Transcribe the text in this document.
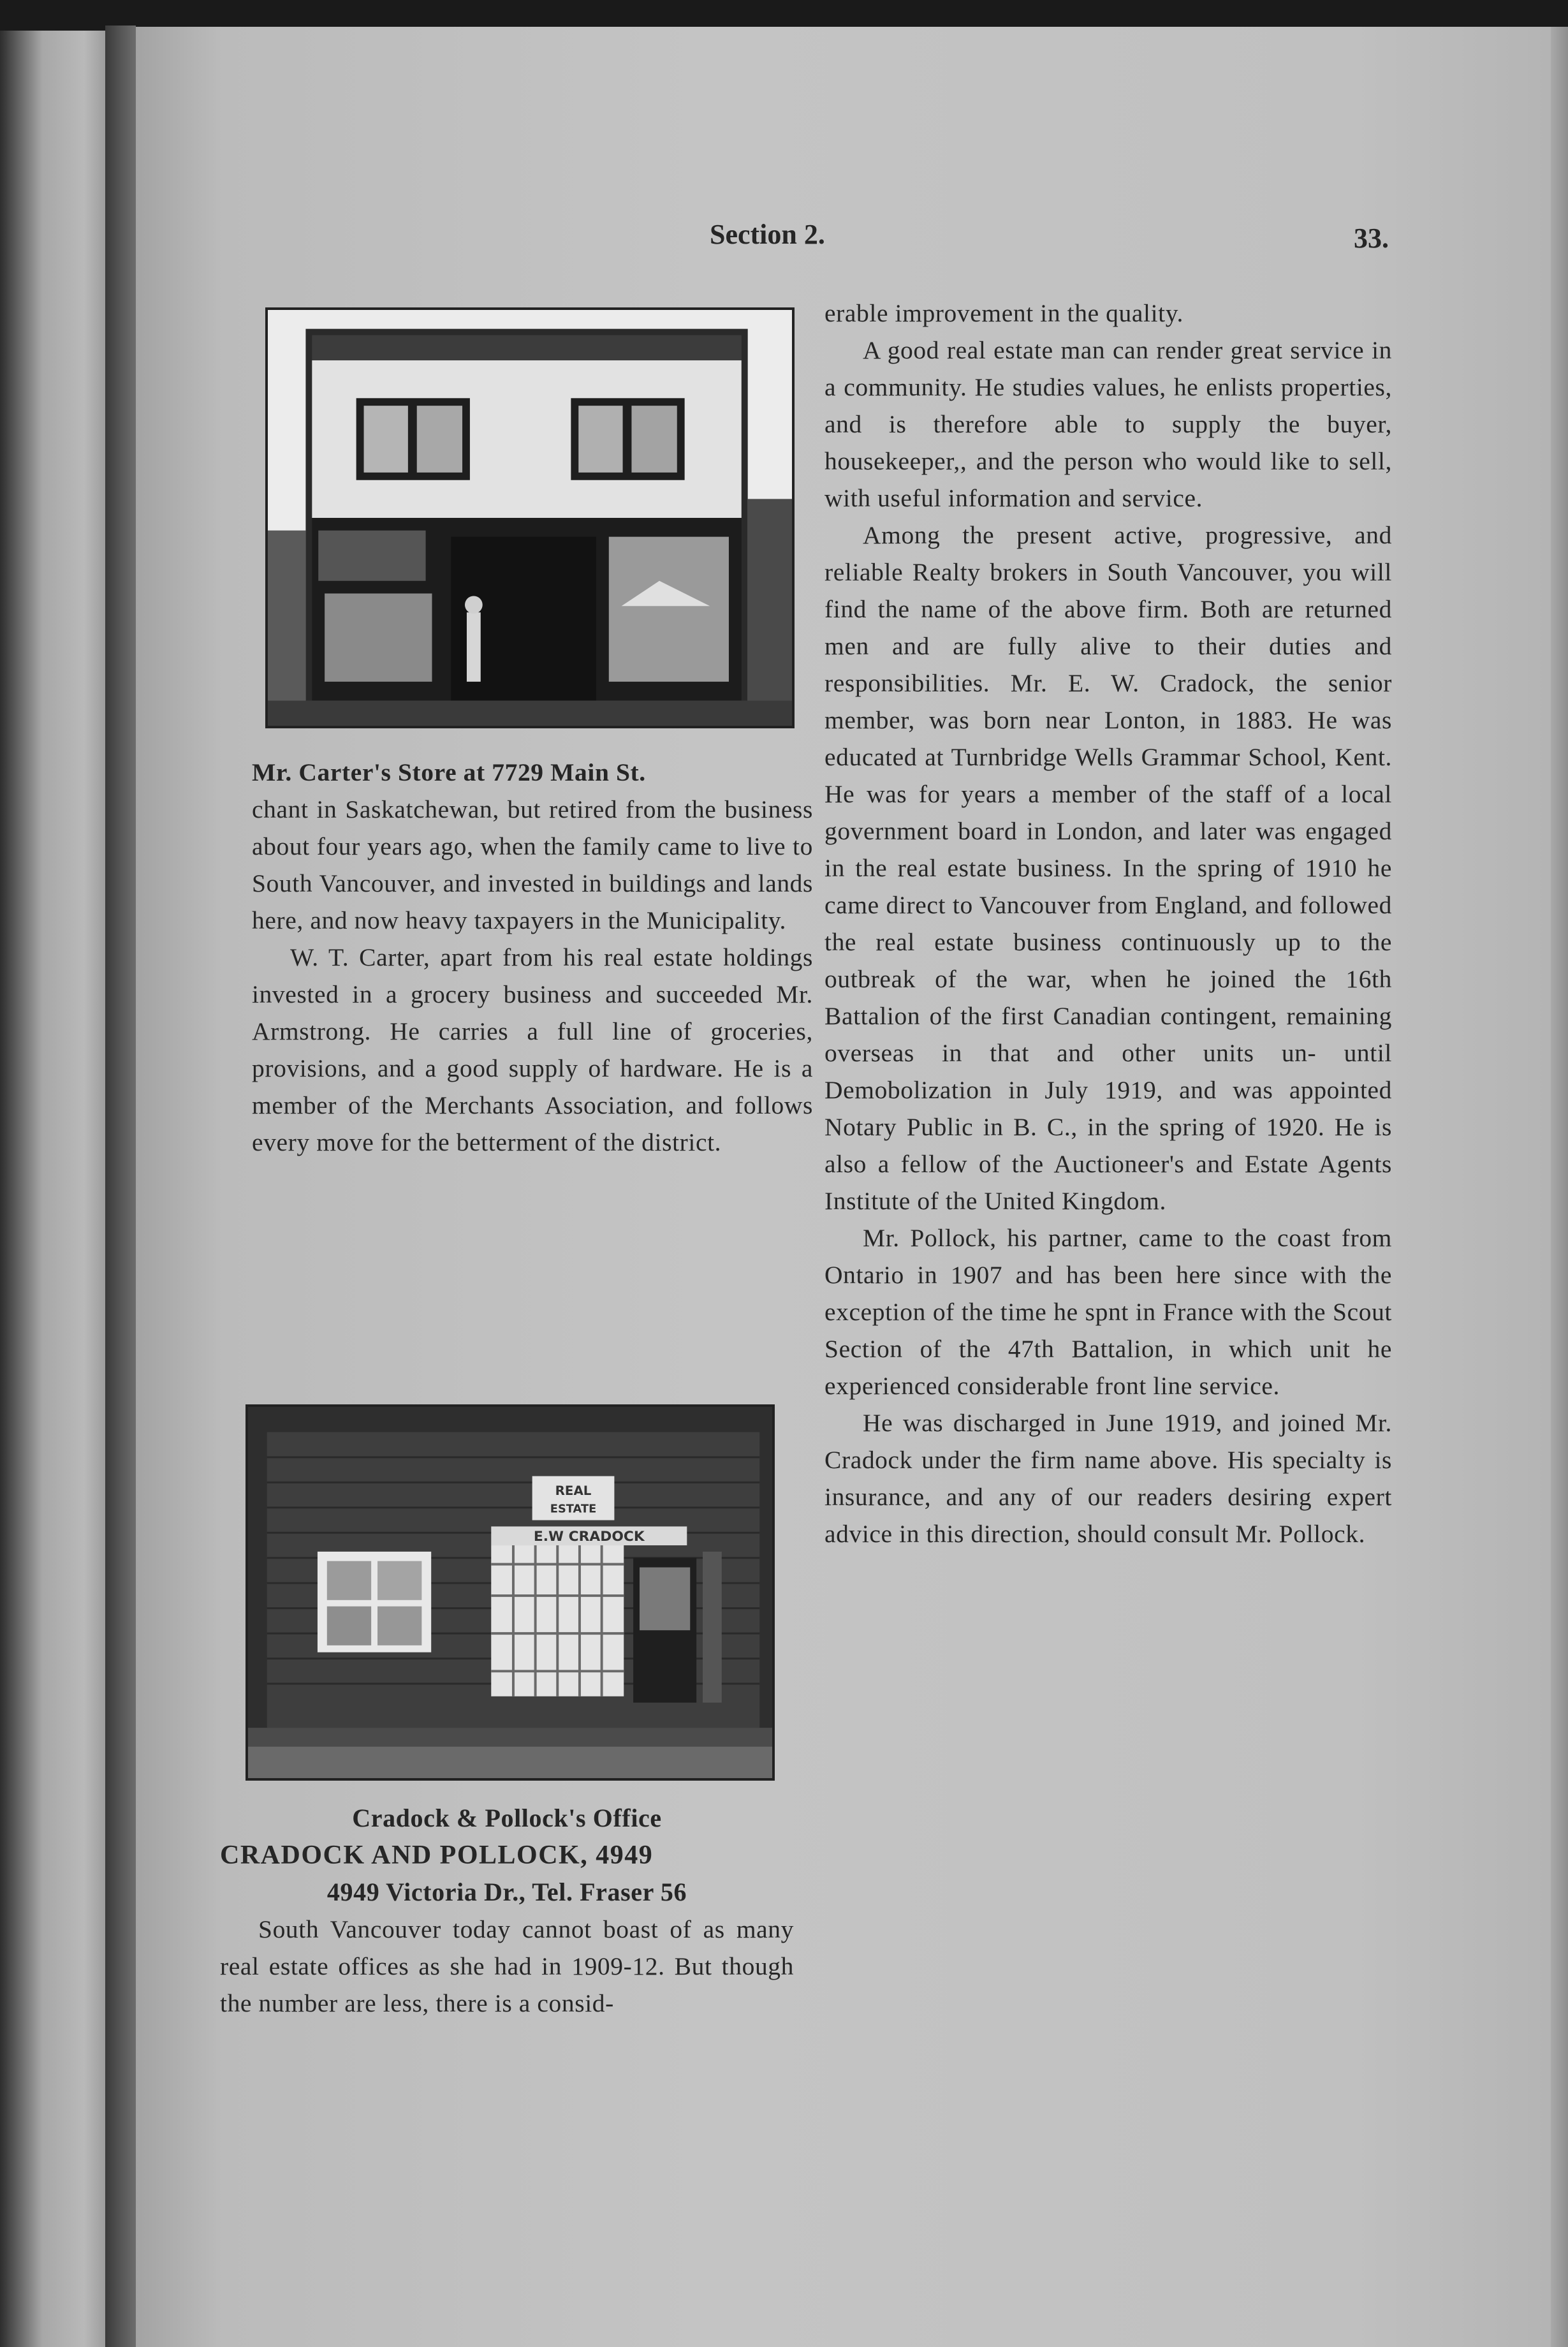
Section 2.	33.

Mr. Carter's Store at 7729 Main St.

chant in Saskatchewan, but retired from the business about four years ago, when the family came to live to South Vancouver, and invested in buildings and lands here, and now heavy taxpayers in the Municipality.

W. T. Carter, apart from his real estate holdings invested in a grocery business and succeeded Mr. Armstrong. He carries a full line of groceries, provisions, and a good supply of hardware. He is a member of the Merchants Association, and follows every move for the betterment of the district.

REAL
ESTATE
E.W CRADOCK

Cradock & Pollock's Office

CRADOCK AND POLLOCK, 4949

4949 Victoria Dr., Tel. Fraser 56

South Vancouver today cannot boast of as many real estate offices as she had in 1909-12. But though the number are less, there is a consid-

erable improvement in the quality.

A good real estate man can render great service in a community. He studies values, he enlists properties, and is therefore able to supply the buyer, housekeeper,, and the person who would like to sell, with useful information and service.

Among the present active, progressive, and reliable Realty brokers in South Vancouver, you will find the name of the above firm. Both are returned men and are fully alive to their duties and responsibilities. Mr. E. W. Cradock, the senior member, was born near Lonton, in 1883. He was educated at Turnbridge Wells Grammar School, Kent. He was for years a member of the staff of a local government board in London, and later was engaged in the real estate business. In the spring of 1910 he came direct to Vancouver from England, and followed the real estate business continuously up to the outbreak of the war, when he joined the 16th Battalion of the first Canadian contingent, remaining overseas in that and other units un- until Demobolization in July 1919, and was appointed Notary Public in B. C., in the spring of 1920. He is also a fellow of the Auctioneer's and Estate Agents Institute of the United Kingdom.

Mr. Pollock, his partner, came to the coast from Ontario in 1907 and has been here since with the exception of the time he spnt in France with the Scout Section of the 47th Battalion, in which unit he experienced considerable front line service.

He was discharged in June 1919, and joined Mr. Cradock under the firm name above. His specialty is insurance, and any of our readers desiring expert advice in this direction, should consult Mr. Pollock.
